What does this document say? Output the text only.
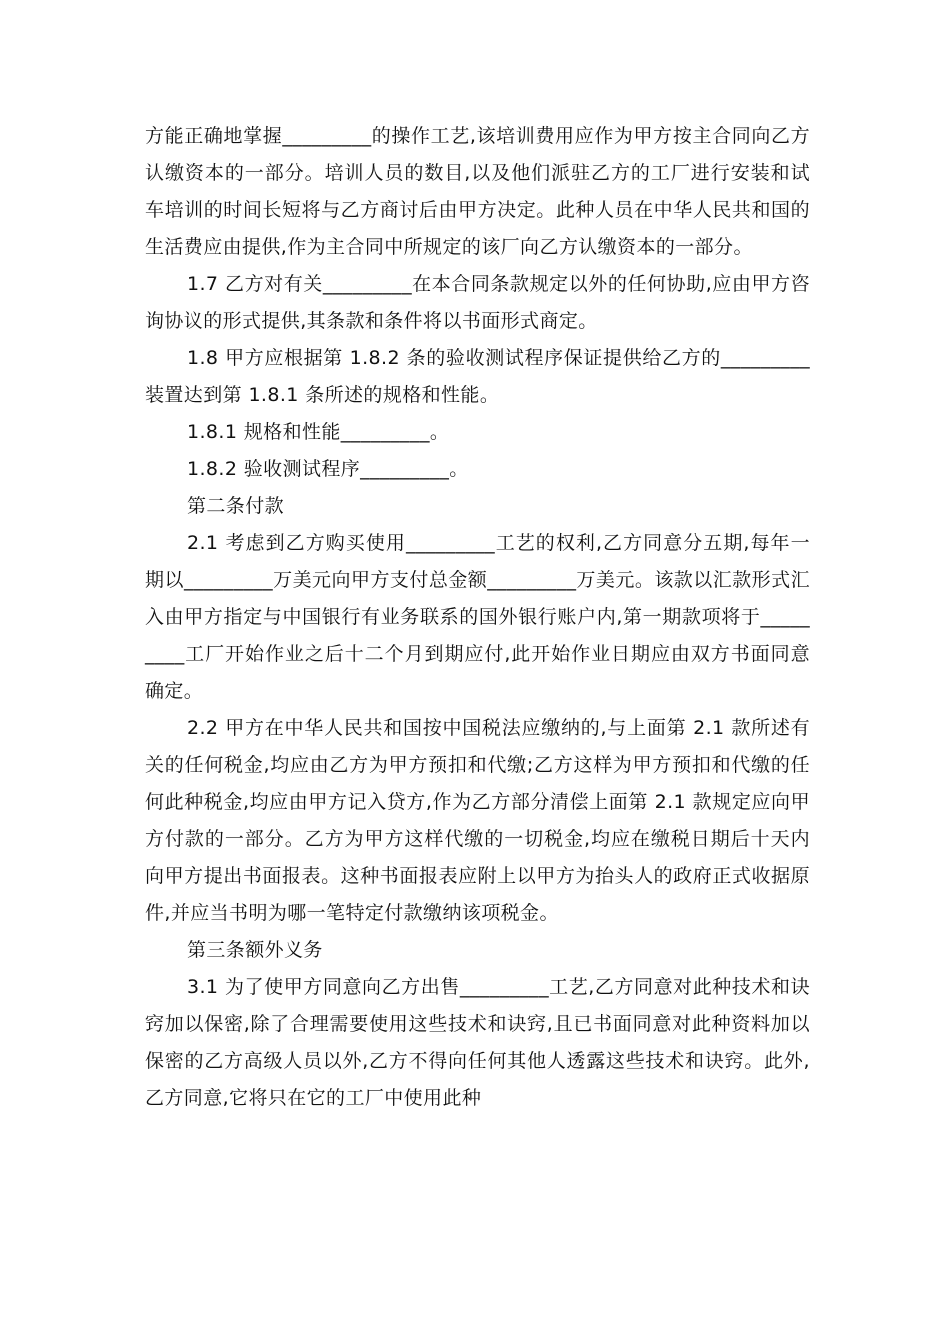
方能正确地掌握_________的操作工艺,该培训费用应作为甲方按主合同向乙方认缴资本的一部分。培训人员的数目,以及他们派驻乙方的工厂进行安装和试车培训的时间长短将与乙方商讨后由甲方决定。此种人员在中华人民共和国的生活费应由提供,作为主合同中所规定的该厂向乙方认缴资本的一部分。

1.7 乙方对有关_________在本合同条款规定以外的任何协助,应由甲方咨询协议的形式提供,其条款和条件将以书面形式商定。

1.8 甲方应根据第 1.8.2 条的验收测试程序保证提供给乙方的_________装置达到第 1.8.1 条所述的规格和性能。

1.8.1 规格和性能_________。

1.8.2 验收测试程序_________。

第二条付款

2.1 考虑到乙方购买使用_________工艺的权利,乙方同意分五期,每年一期以_________万美元向甲方支付总金额_________万美元。该款以汇款形式汇入由甲方指定与中国银行有业务联系的国外银行账户内,第一期款项将于_________工厂开始作业之后十二个月到期应付,此开始作业日期应由双方书面同意确定。

2.2 甲方在中华人民共和国按中国税法应缴纳的,与上面第 2.1 款所述有关的任何税金,均应由乙方为甲方预扣和代缴;乙方这样为甲方预扣和代缴的任何此种税金,均应由甲方记入贷方,作为乙方部分清偿上面第 2.1 款规定应向甲方付款的一部分。乙方为甲方这样代缴的一切税金,均应在缴税日期后十天内向甲方提出书面报表。这种书面报表应附上以甲方为抬头人的政府正式收据原件,并应当书明为哪一笔特定付款缴纳该项税金。

第三条额外义务

3.1 为了使甲方同意向乙方出售_________工艺,乙方同意对此种技术和诀窍加以保密,除了合理需要使用这些技术和诀窍,且已书面同意对此种资料加以保密的乙方高级人员以外,乙方不得向任何其他人透露这些技术和诀窍。此外,乙方同意,它将只在它的工厂中使用此种
